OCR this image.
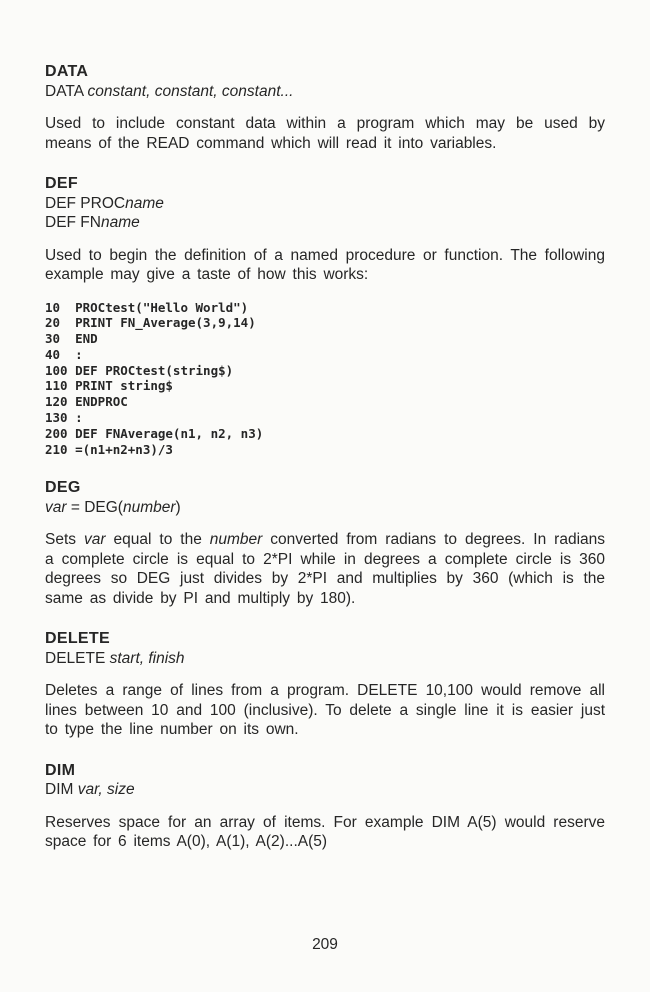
DATA

DATA constant, constant, constant...

Used to include constant data within a program which may be used by means of the READ command which will read it into variables.

DEF

DEF PROCname

DEF FNname

Used to begin the definition of a named procedure or function. The following example may give a taste of how this works:

10  PROCtest("Hello World")
20  PRINT FN_Average(3,9,14)
30  END
40  :
100 DEF PROCtest(string$)
110 PRINT string$
120 ENDPROC
130 :
200 DEF FNAverage(n1, n2, n3)
210 =(n1+n2+n3)/3
DEG

var = DEG(number)

Sets var equal to the number converted from radians to degrees. In radians a complete circle is equal to 2*PI while in degrees a complete circle is 360 degrees so DEG just divides by 2*PI and multiplies by 360 (which is the same as divide by PI and multiply by 180).

DELETE

DELETE start, finish

Deletes a range of lines from a program. DELETE 10,100 would remove all lines between 10 and 100 (inclusive). To delete a single line it is easier just to type the line number on its own.

DIM

DIM var, size

Reserves space for an array of items. For example DIM A(5) would reserve space for 6 items A(0), A(1), A(2)...A(5)

209
